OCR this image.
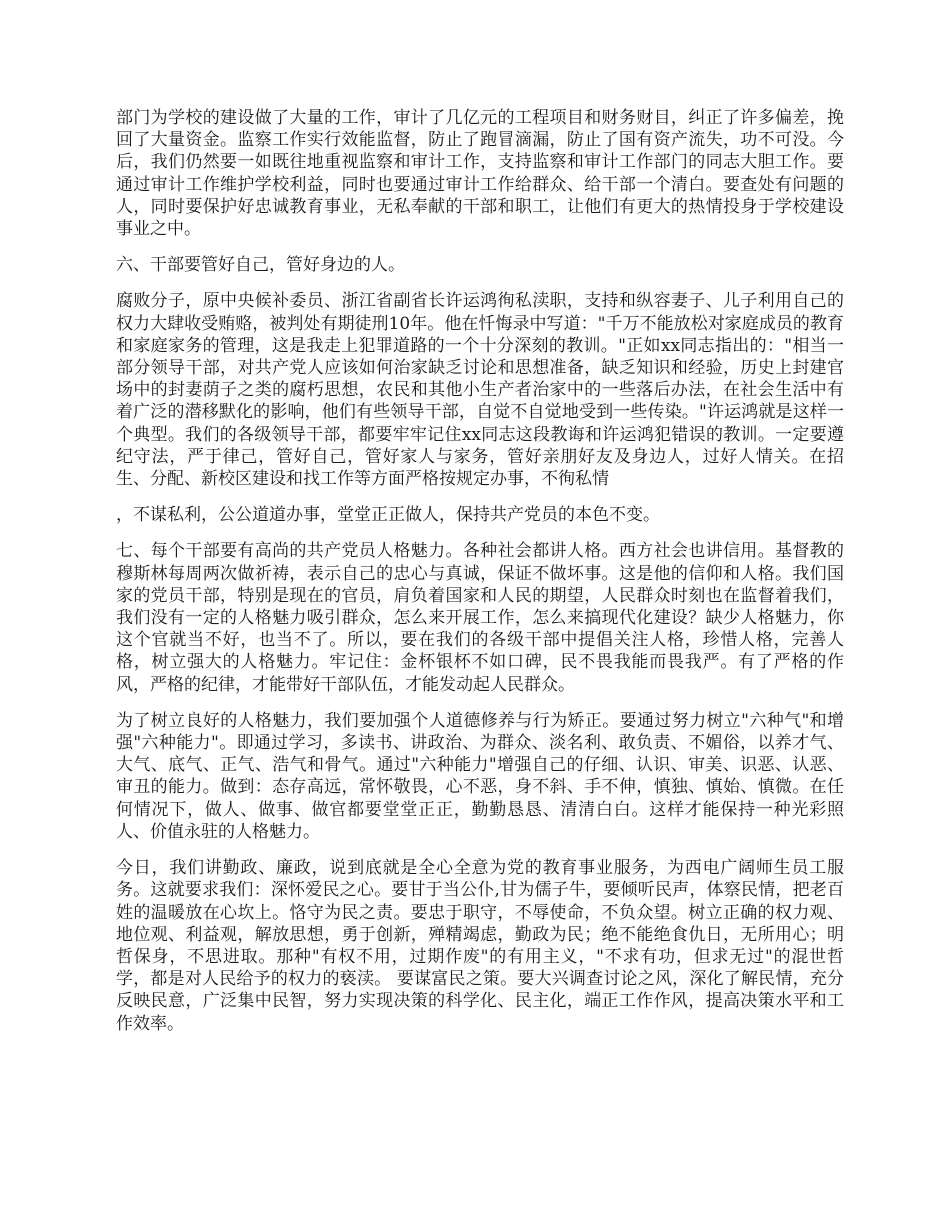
部门为学校的建设做了大量的工作，审计了几亿元的工程项目和财务财目，纠正了许多偏差，挽回了大量资金。监察工作实行效能监督，防止了跑冒滴漏，防止了国有资产流失，功不可没。今后，我们仍然要一如既往地重视监察和审计工作，支持监察和审计工作部门的同志大胆工作。要通过审计工作维护学校利益，同时也要通过审计工作给群众、给干部一个清白。要查处有问题的人，同时要保护好忠诚教育事业，无私奉献的干部和职工，让他们有更大的热情投身于学校建设事业之中。

六、干部要管好自己，管好身边的人。

腐败分子，原中央候补委员、浙江省副省长许运鸿徇私渎职，支持和纵容妻子、儿子利用自己的权力大肆收受贿赂，被判处有期徒刑10年。他在忏悔录中写道："千万不能放松对家庭成员的教育和家庭家务的管理，这是我走上犯罪道路的一个十分深刻的教训。"正如xx同志指出的："相当一部分领导干部，对共产党人应该如何治家缺乏讨论和思想准备，缺乏知识和经验，历史上封建官场中的封妻荫子之类的腐朽思想，农民和其他小生产者治家中的一些落后办法，在社会生活中有着广泛的潜移默化的影响，他们有些领导干部，自觉不自觉地受到一些传染。"许运鸿就是这样一个典型。我们的各级领导干部，都要牢牢记住xx同志这段教诲和许运鸿犯错误的教训。一定要遵纪守法，严于律己，管好自己，管好家人与家务，管好亲朋好友及身边人，过好人情关。在招生、分配、新校区建设和找工作等方面严格按规定办事，不徇私情

，不谋私利，公公道道办事，堂堂正正做人，保持共产党员的本色不变。

七、每个干部要有高尚的共产党员人格魅力。各种社会都讲人格。西方社会也讲信用。基督教的穆斯林每周两次做祈祷，表示自己的忠心与真诚，保证不做坏事。这是他的信仰和人格。我们国家的党员干部，特别是现在的官员，肩负着国家和人民的期望，人民群众时刻也在监督着我们，我们没有一定的人格魅力吸引群众，怎么来开展工作，怎么来搞现代化建设？缺少人格魅力，你这个官就当不好，也当不了。所以，要在我们的各级干部中提倡关注人格，珍惜人格，完善人格，树立强大的人格魅力。牢记住：金杯银杯不如口碑，民不畏我能而畏我严。有了严格的作风，严格的纪律，才能带好干部队伍，才能发动起人民群众。

为了树立良好的人格魅力，我们要加强个人道德修养与行为矫正。要通过努力树立"六种气"和增强"六种能力"。即通过学习，多读书、讲政治、为群众、淡名利、敢负责、不媚俗，以养才气、大气、底气、正气、浩气和骨气。通过"六种能力"增强自己的仔细、认识、审美、识恶、认恶、审丑的能力。做到：态存高远，常怀敬畏，心不恶，身不斜、手不伸，慎独、慎始、慎微。在任何情况下，做人、做事、做官都要堂堂正正，勤勤恳恳、清清白白。这样才能保持一种光彩照人、价值永驻的人格魅力。

今日，我们讲勤政、廉政，说到底就是全心全意为党的教育事业服务，为西电广阔师生员工服务。这就要求我们：深怀爱民之心。要甘于当公仆,甘为儒子牛，要倾听民声，体察民情，把老百姓的温暖放在心坎上。恪守为民之责。要忠于职守，不辱使命，不负众望。树立正确的权力观、地位观、利益观，解放思想，勇于创新，殚精竭虑，勤政为民；绝不能绝食仇日，无所用心；明哲保身，不思进取。那种"有权不用，过期作废"的有用主义，"不求有功，但求无过"的混世哲学，都是对人民给予的权力的亵渎。 要谋富民之策。要大兴调查讨论之风，深化了解民情，充分反映民意，广泛集中民智，努力实现决策的科学化、民主化，端正工作作风，提高决策水平和工作效率。
